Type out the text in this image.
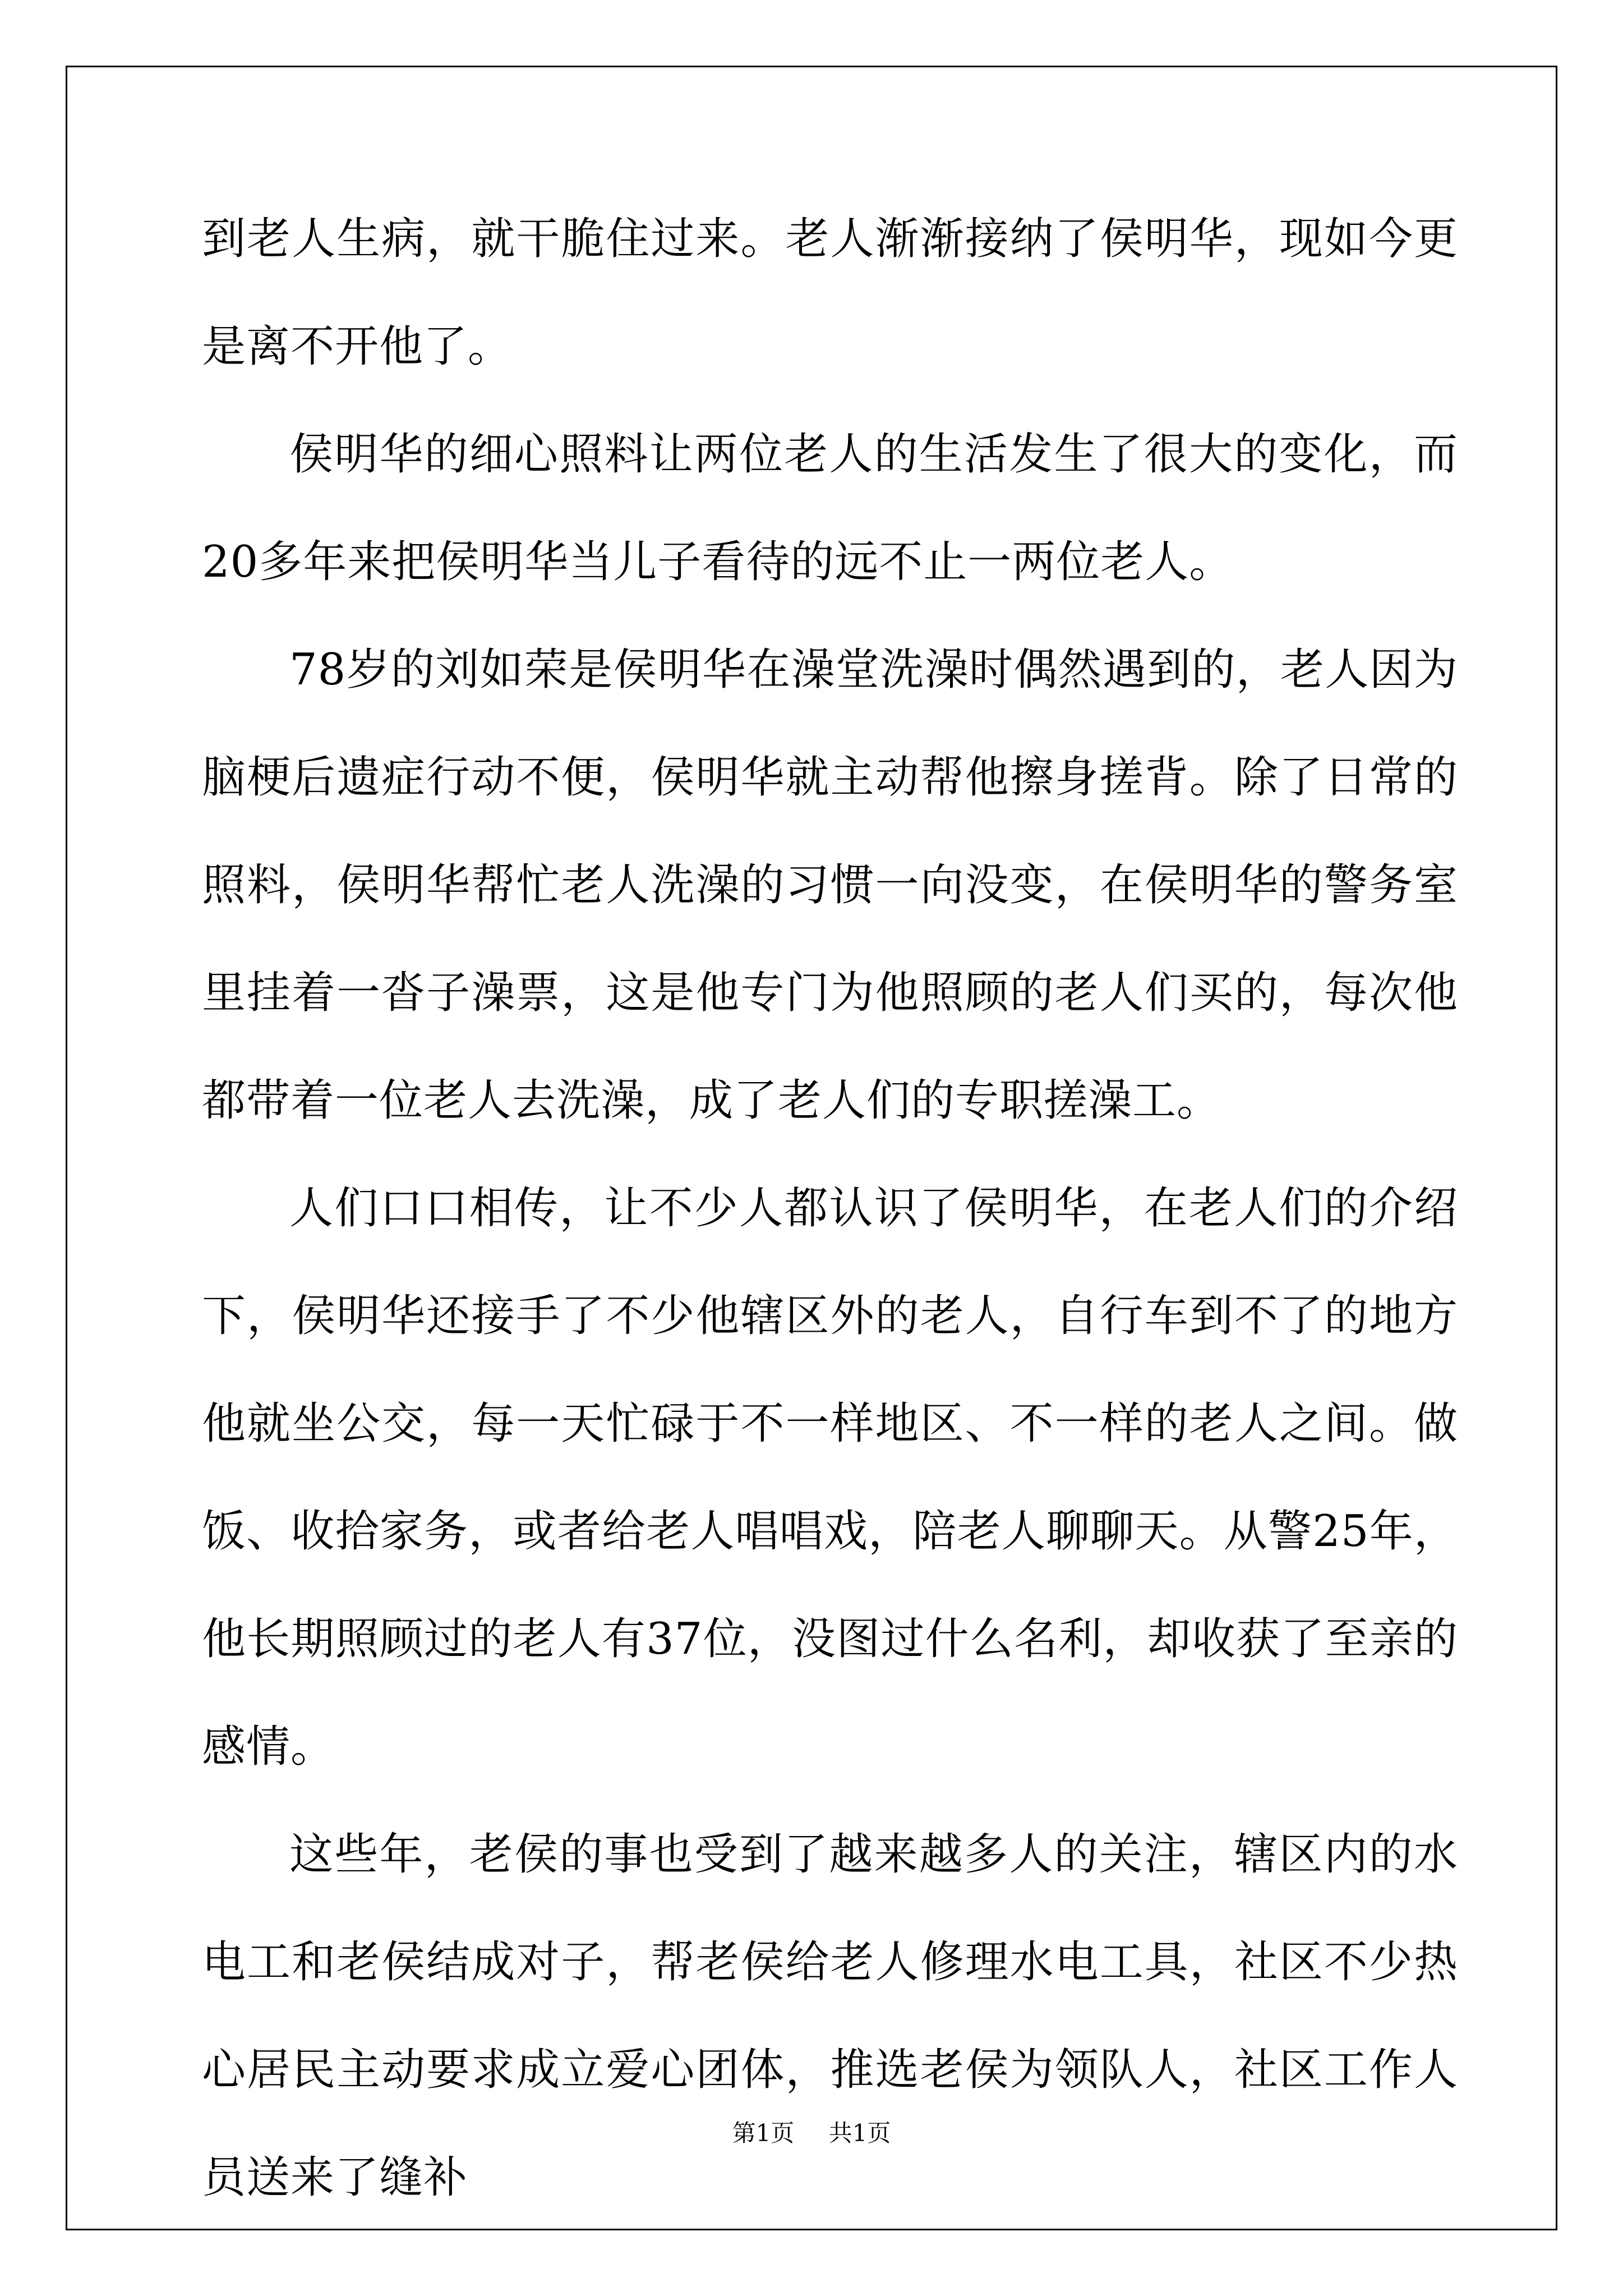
到老人生病，就干脆住过来。老人渐渐接纳了侯明华，现如今更是离不开他了。

侯明华的细心照料让两位老人的生活发生了很大的变化，而20多年来把侯明华当儿子看待的远不止一两位老人。

78岁的刘如荣是侯明华在澡堂洗澡时偶然遇到的，老人因为脑梗后遗症行动不便，侯明华就主动帮他擦身搓背。除了日常的照料，侯明华帮忙老人洗澡的习惯一向没变，在侯明华的警务室里挂着一沓子澡票，这是他专门为他照顾的老人们买的，每次他都带着一位老人去洗澡，成了老人们的专职搓澡工。

人们口口相传，让不少人都认识了侯明华，在老人们的介绍下，侯明华还接手了不少他辖区外的老人，自行车到不了的地方他就坐公交，每一天忙碌于不一样地区、不一样的老人之间。做饭、收拾家务，或者给老人唱唱戏，陪老人聊聊天。从警25年，他长期照顾过的老人有37位，没图过什么名利，却收获了至亲的感情。

这些年，老侯的事也受到了越来越多人的关注，辖区内的水电工和老侯结成对子，帮老侯给老人修理水电工具，社区不少热心居民主动要求成立爱心团体，推选老侯为领队人，社区工作人员送来了缝补

第1页 共1页
